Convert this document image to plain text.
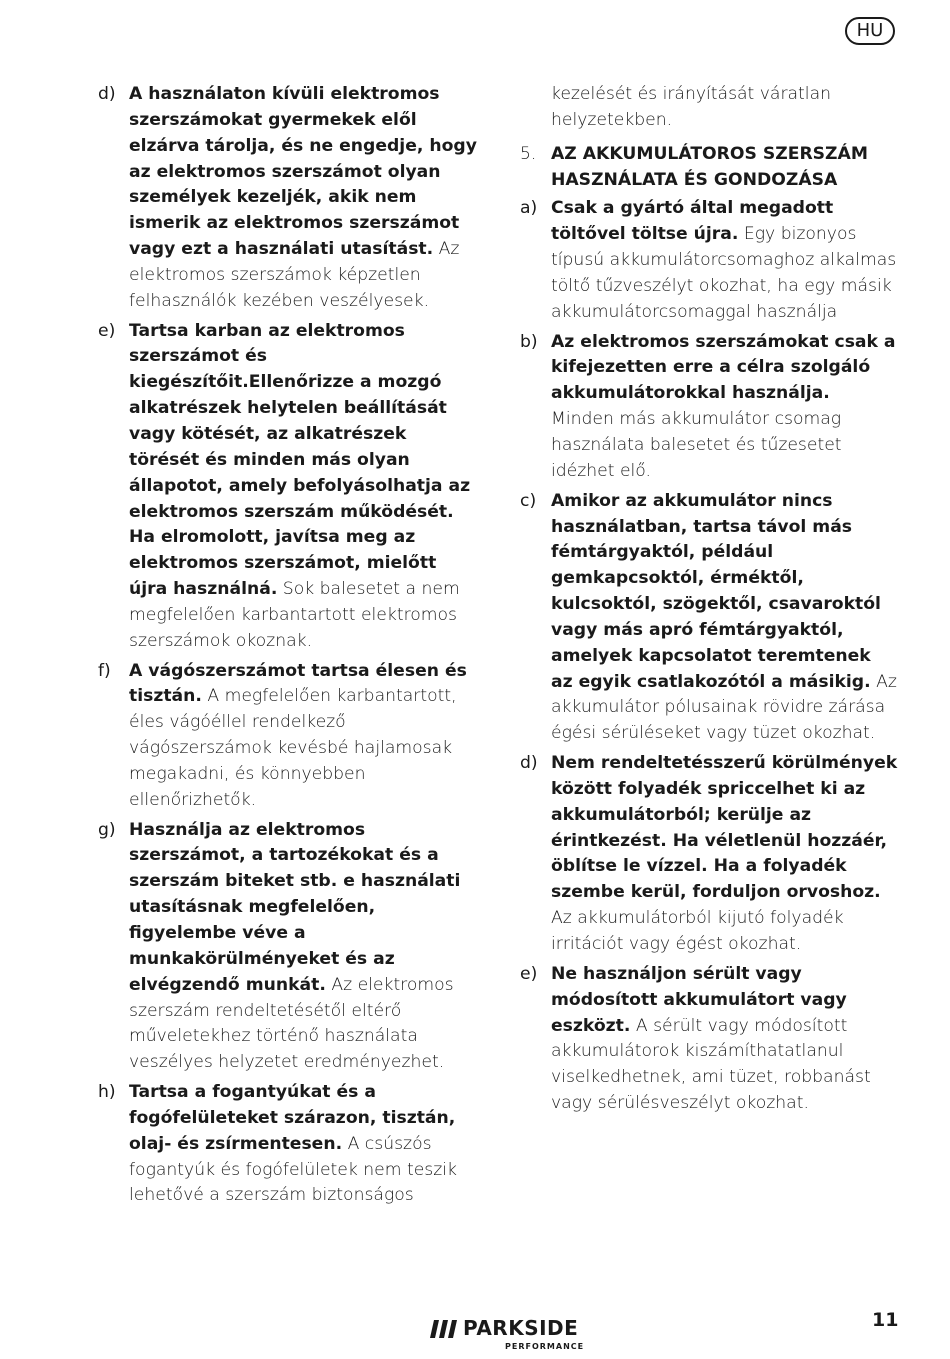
HU
d) A használaton kívüli elektromos szerszámokat gyermekek elől elzárva tárolja, és ne engedje, hogy az elektromos szerszámot olyan személyek kezeljék, akik nem ismerik az elektromos szerszámot vagy ezt a használati utasítást. Az elektromos szerszámok képzetlen felhasználók kezében veszélyesek.
e) Tartsa karban az elektromos szerszámot és kiegészítőit.Ellenőrizze a mozgó alkatrészek helytelen beállítását vagy kötését, az alkatrészek törését és minden más olyan állapotot, amely befolyásolhatja az elektromos szerszám működését. Ha elromolott, javítsa meg az elektromos szerszámot, mielőtt újra használná. Sok balesetet a nem megfelelően karbantartott elektromos szerszámok okoznak.
f) A vágószerszámot tartsa élesen és tisztán. A megfelelően karbantartott, éles vágóéllel rendelkező vágószerszámok kevésbé hajlamosak megakadni, és könnyebben ellenőrizhetők.
g) Használja az elektromos szerszámot, a tartozékokat és a szerszám biteket stb. e használati utasításnak megfelelően, figyelembe véve a munkakörülményeket és az elvégzendő munkát. Az elektromos szerszám rendeltetésétől eltérő műveletekhez történő használata veszélyes helyzetet eredményezhet.
h) Tartsa a fogantyúkat és a fogófelületeket szárazon, tisztán, olaj- és zsírmentesen. A csúszós fogantyúk és fogófelületek nem teszik lehetővé a szerszám biztonságos
kezelését és irányítását váratlan helyzetekben.
5. AZ AKKUMULÁTOROS SZERSZÁM HASZNÁLATA ÉS GONDOZÁSA
a) Csak a gyártó által megadott töltővel töltse újra. Egy bizonyos típusú akkumulátorcsomaghoz alkalmas töltő tűzveszélyt okozhat, ha egy másik akkumulátorcsomaggal használja
b) Az elektromos szerszámokat csak a kifejezetten erre a célra szolgáló akkumulátorokkal használja. Minden más akkumulátor csomag használata balesetet és tűzesetet idézhet elő.
c) Amikor az akkumulátor nincs használatban, tartsa távol más fémtárgyaktól, például gemkapcsoktól, érméktől, kulcsoktól, szögektől, csavaroktól vagy más apró fémtárgyaktól, amelyek kapcsolatot teremtenek az egyik csatlakozótól a másikig. Az akkumulátor pólusainak rövidre zárása égési sérüléseket vagy tüzet okozhat.
d) Nem rendeltetésszerű körülmények között folyadék spriccelhet ki az akkumulátorból; kerülje az érintkezést. Ha véletlenül hozzáér, öblítse le vízzel. Ha a folyadék szembe kerül, forduljon orvoshoz. Az akkumulátorból kijutó folyadék irritációt vagy égést okozhat.
e) Ne használjon sérült vagy módosított akkumulátort vagy eszközt. A sérült vagy módosított akkumulátorok kiszámíthatatlanul viselkedhetnek, ami tüzet, robbanást vagy sérülésveszélyt okozhat.
PARKSIDE
PERFORMANCE
11
